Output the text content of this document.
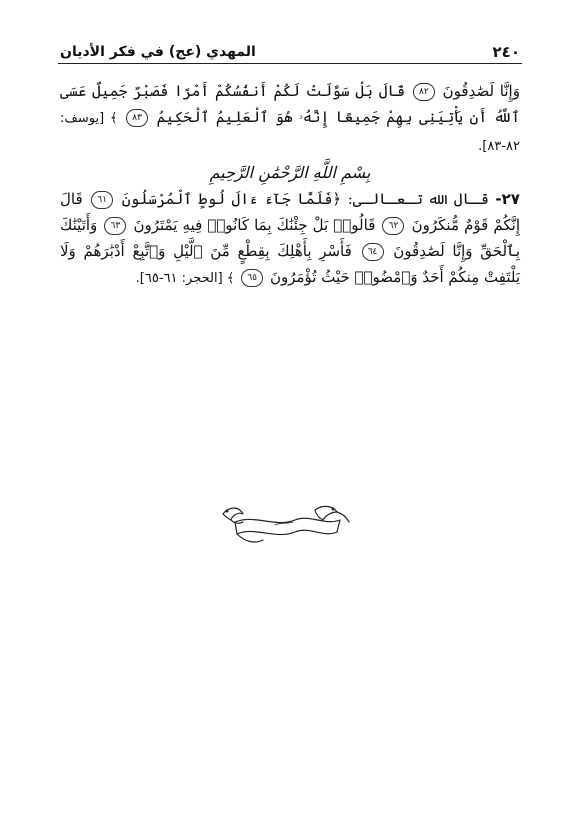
٢٤٠
المهدي (عج) في فكر الأديان

وَإِنَّا لَصَٰدِقُونَ ٨٢ قَالَ بَلْ سَوَّلَتْ لَكُمْ أَنفُسُكُمْ أَمْرًا فَصَبْرٌ جَمِيلٌ عَسَى ٱللَّهُ أَن يَأْتِيَنِى بِهِمْ جَمِيعًا إِنَّهُۥ هُوَ ٱلْعَلِيمُ ٱلْحَكِيمُ ٨٣ ﴾ [يوسف: ٨٢-٨٣].

بِسْمِ اللَّهِ الرَّحْمَٰنِ الرَّحِيمِ

٢٧- قـال الله تـعـالـى: ﴿فَلَمَّا جَآءَ ءَالَ لُوطٍ ٱلْمُرْسَلُونَ ٦١ قَالَ إِنَّكُمْ قَوْمٌ مُّنكَرُونَ ٦٢ قَالُوا۟ بَلْ جِئْنَٰكَ بِمَا كَانُوا۟ فِيهِ يَمْتَرُونَ ٦٣ وَأَتَيْنَٰكَ بِٱلْحَقِّ وَإِنَّا لَصَٰدِقُونَ ٦٤ فَأَسْرِ بِأَهْلِكَ بِقِطْعٍ مِّنَ ٱلَّيْلِ وَٱتَّبِعْ أَدْبَٰرَهُمْ وَلَا يَلْتَفِتْ مِنكُمْ أَحَدٌ وَٱمْضُوا۟ حَيْثُ تُؤْمَرُونَ ٦٥ ﴾ [الحجر: ٦١-٦٥].
